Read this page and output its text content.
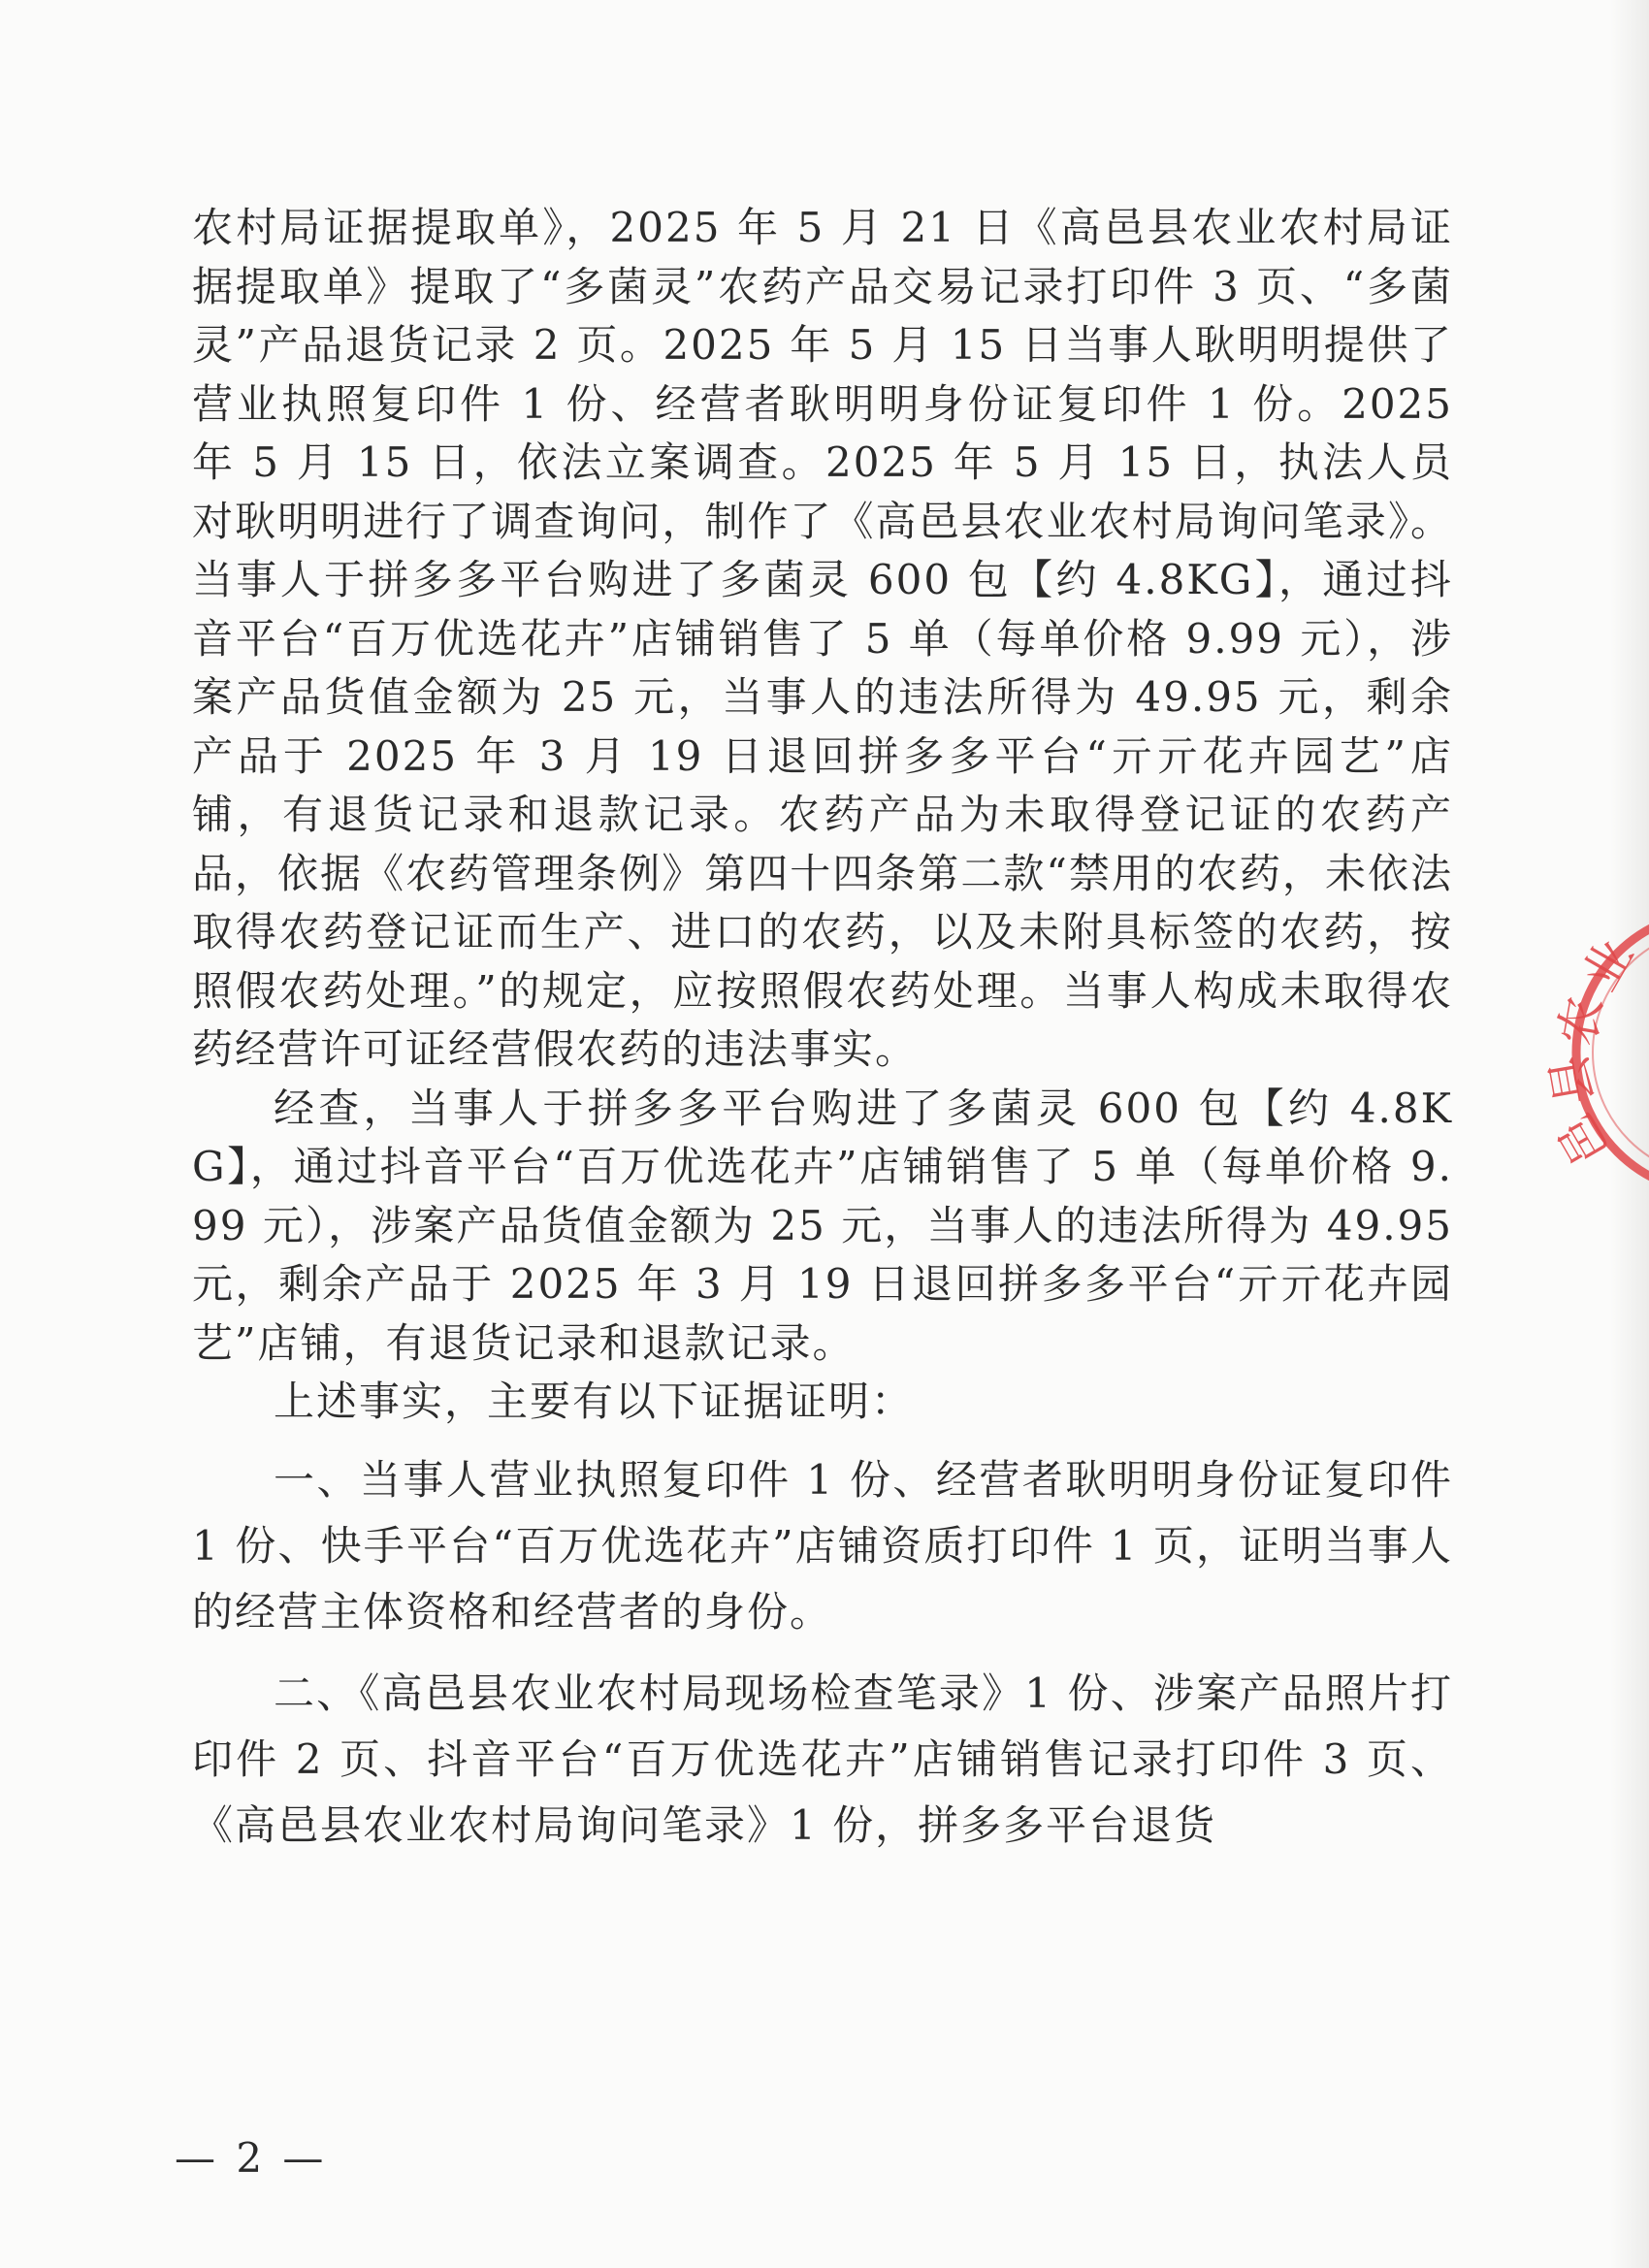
农村局证据提取单》，2025 年 5 月 21 日《高邑县农业农村局证据提取单》提取了“多菌灵”农药产品交易记录打印件 3 页、“多菌灵”产品退货记录 2 页。2025 年 5 月 15 日当事人耿明明提供了营业执照复印件 1 份、经营者耿明明身份证复印件 1 份。2025 年 5 月 15 日，依法立案调查。2025 年 5 月 15 日，执法人员对耿明明进行了调查询问，制作了《高邑县农业农村局询问笔录》。当事人于拼多多平台购进了多菌灵 600 包【约 4.8KG】，通过抖音平台“百万优选花卉”店铺销售了 5 单（每单价格 9.99 元），涉案产品货值金额为 25 元，当事人的违法所得为 49.95 元，剩余产品于 2025 年 3 月 19 日退回拼多多平台“亓亓花卉园艺”店铺，有退货记录和退款记录。农药产品为未取得登记证的农药产品，依据《农药管理条例》第四十四条第二款“禁用的农药，未依法取得农药登记证而生产、进口的农药，以及未附具标签的农药，按照假农药处理。”的规定，应按照假农药处理。当事人构成未取得农药经营许可证经营假农药的违法事实。

经查，当事人于拼多多平台购进了多菌灵 600 包【约 4.8KG】，通过抖音平台“百万优选花卉”店铺销售了 5 单（每单价格 9.99 元），涉案产品货值金额为 25 元，当事人的违法所得为 49.95 元，剩余产品于 2025 年 3 月 19 日退回拼多多平台“亓亓花卉园艺”店铺，有退货记录和退款记录。

上述事实，主要有以下证据证明：

一、当事人营业执照复印件 1 份、经营者耿明明身份证复印件 1 份、快手平台“百万优选花卉”店铺资质打印件 1 页，证明当事人的经营主体资格和经营者的身份。

二、《高邑县农业农村局现场检查笔录》1 份、涉案产品照片打印件 2 页、抖音平台“百万优选花卉”店铺销售记录打印件 3 页、《高邑县农业农村局询问笔录》1 份，拼多多平台退货

— 2 —
业
农
县
邑
